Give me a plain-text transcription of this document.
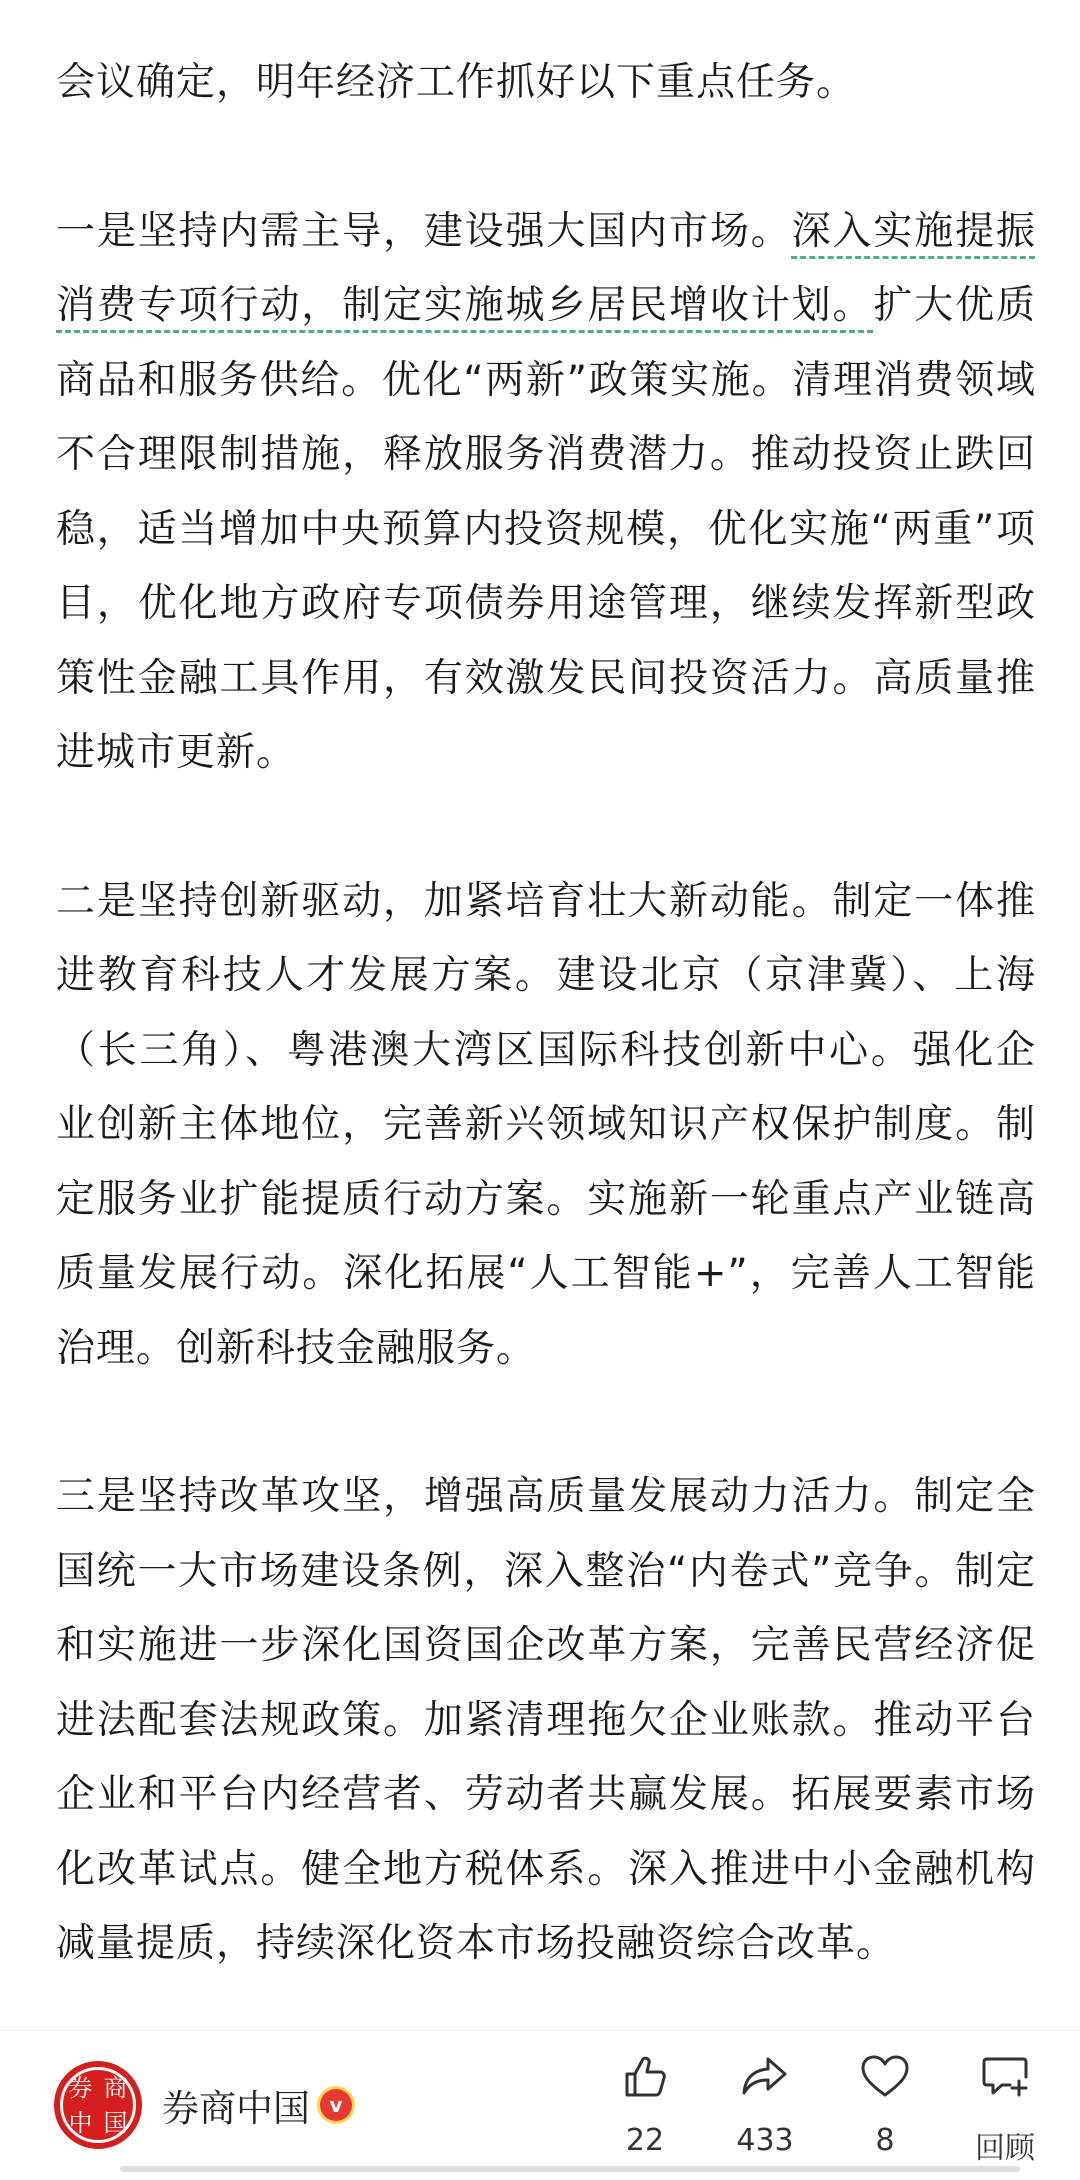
会议确定，明年经济工作抓好以下重点任务。

一是坚持内需主导，建设强大国内市场。深入实施提振消费专项行动，制定实施城乡居民增收计划。扩大优质商品和服务供给。优化“两新”政策实施。清理消费领域不合理限制措施，释放服务消费潜力。推动投资止跌回稳，适当增加中央预算内投资规模，优化实施“两重”项目，优化地方政府专项债券用途管理，继续发挥新型政策性金融工具作用，有效激发民间投资活力。高质量推进城市更新。

二是坚持创新驱动，加紧培育壮大新动能。制定一体推进教育科技人才发展方案。建设北京（京津冀）、上海（长三角）、粤港澳大湾区国际科技创新中心。强化企业创新主体地位，完善新兴领域知识产权保护制度。制定服务业扩能提质行动方案。实施新一轮重点产业链高质量发展行动。深化拓展“人工智能+”，完善人工智能治理。创新科技金融服务。

三是坚持改革攻坚，增强高质量发展动力活力。制定全国统一大市场建设条例，深入整治“内卷式”竞争。制定和实施进一步深化国资国企改革方案，完善民营经济促进法配套法规政策。加紧清理拖欠企业账款。推动平台企业和平台内经营者、劳动者共赢发展。拓展要素市场化改革试点。健全地方税体系。深入推进中小金融机构减量提质，持续深化资本市场投融资综合改革。

券 商
中 国 券商中国 v
22 433	8	回顾
